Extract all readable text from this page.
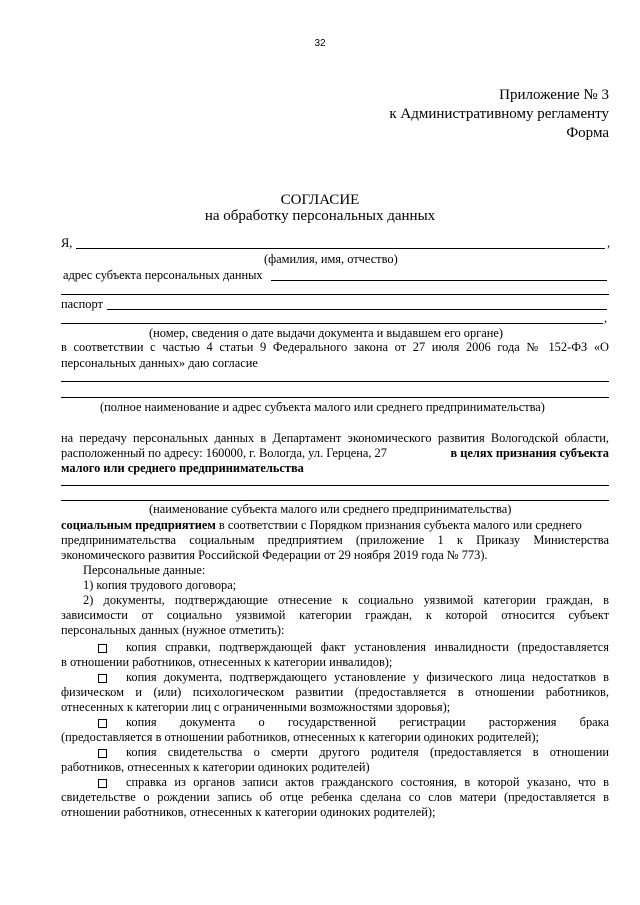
32
Приложение № 3
к Административному регламенту
Форма
СОГЛАСИЕ
на обработку персональных данных
Я,	,
(фамилия, имя, отчество)
адрес субъекта персональных данных
паспорт
,
(номер, сведения о дате выдачи документа и выдавшем его органе)
в соответствии с частью 4 статьи 9 Федерального закона от 27 июля 2006 года № 152-ФЗ «О
персональных данных» даю согласие
(полное наименование и адрес субъекта малого или среднего предпринимательства)
на передачу персональных данных в Департамент экономического развития Вологодской области,
расположенный по адресу: 160000, г. Вологда, ул. Герцена, 27	в целях признания субъекта
малого или среднего предпринимательства
(наименование субъекта малого или среднего предпринимательства)
социальным предприятием в соответствии с Порядком признания субъекта малого или среднего
предпринимательства социальным предприятием (приложение 1 к Приказу Министерства
экономического развития Российской Федерации от 29 ноября 2019 года № 773).
Персональные данные:
1) копия трудового договора;
2) документы, подтверждающие отнесение к социально уязвимой категории граждан, в
зависимости от социально уязвимой категории граждан, к которой относится субъект
персональных данных (нужное отметить):
копия справки, подтверждающей факт установления инвалидности (предоставляется
в отношении работников, отнесенных к категории инвалидов);
копия документа, подтверждающего установление у физического лица недостатков в
физическом и (или) психологическом развитии (предоставляется в отношении работников,
отнесенных к категории лиц с ограниченными возможностями здоровья);
копия документа о государственной регистрации расторжения брака
(предоставляется в отношении работников, отнесенных к категории одиноких родителей);
копия свидетельства о смерти другого родителя (предоставляется в отношении
работников, отнесенных к категории одиноких родителей)
справка из органов записи актов гражданского состояния, в которой указано, что в
свидетельстве о рождении запись об отце ребенка сделана со слов матери (предоставляется в
отношении работников, отнесенных к категории одиноких родителей);
